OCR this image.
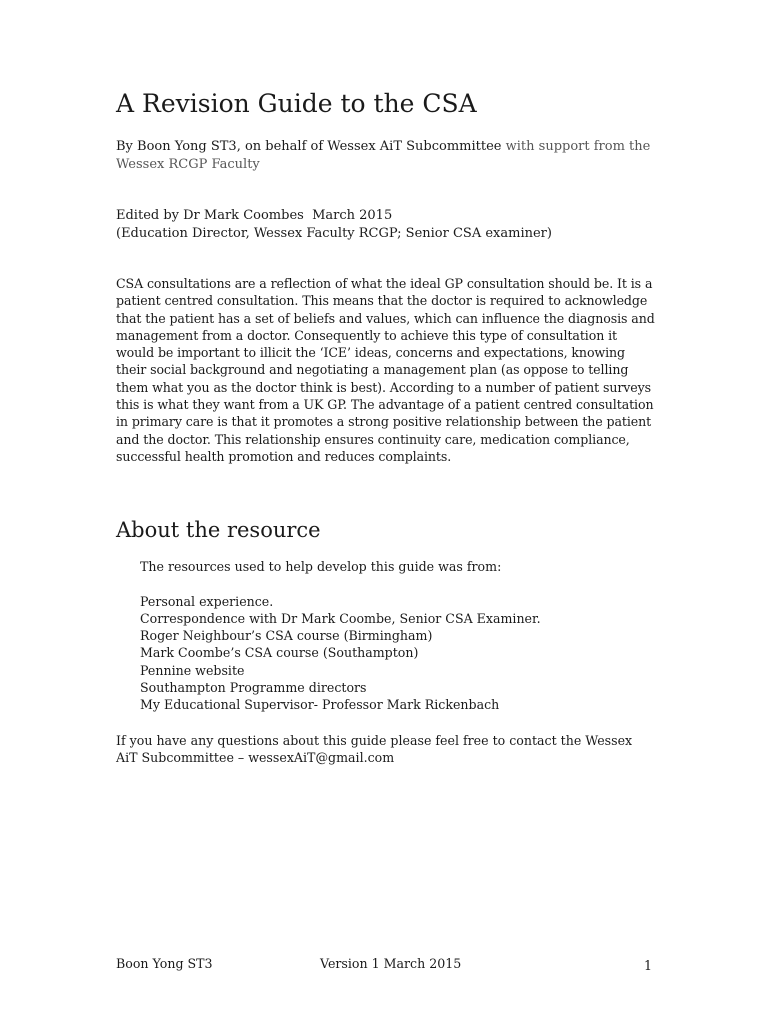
A Revision Guide to the CSA
By Boon Yong ST3, on behalf of Wessex AiT Subcommittee with support from the Wessex RCGP Faculty
Edited by Dr Mark Coombes  March 2015
(Education Director, Wessex Faculty RCGP; Senior CSA examiner)

CSA consultations are a reflection of what the ideal GP consultation should be. It is a patient centred consultation. This means that the doctor is required to acknowledge that the patient has a set of beliefs and values, which can influence the diagnosis and management from a doctor. Consequently to achieve this type of consultation it would be important to illicit the ‘ICE’ ideas, concerns and expectations, knowing their social background and negotiating a management plan (as oppose to telling them what you as the doctor think is best). According to a number of patient surveys this is what they want from a UK GP. The advantage of a patient centred consultation in primary care is that it promotes a strong positive relationship between the patient and the doctor. This relationship ensures continuity care, medication compliance, successful health promotion and reduces complaints.

About the resource
The resources used to help develop this guide was from:
Personal experience.
Correspondence with Dr Mark Coombe, Senior CSA Examiner.
Roger Neighbour’s CSA course (Birmingham)
Mark Coombe’s CSA course (Southampton)
Pennine website
Southampton Programme directors
My Educational Supervisor- Professor Mark Rickenbach

If you have any questions about this guide please feel free to contact the Wessex AiT Subcommittee – wessexAiT@gmail.com

Boon Yong ST3	Version 1 March 2015	1
